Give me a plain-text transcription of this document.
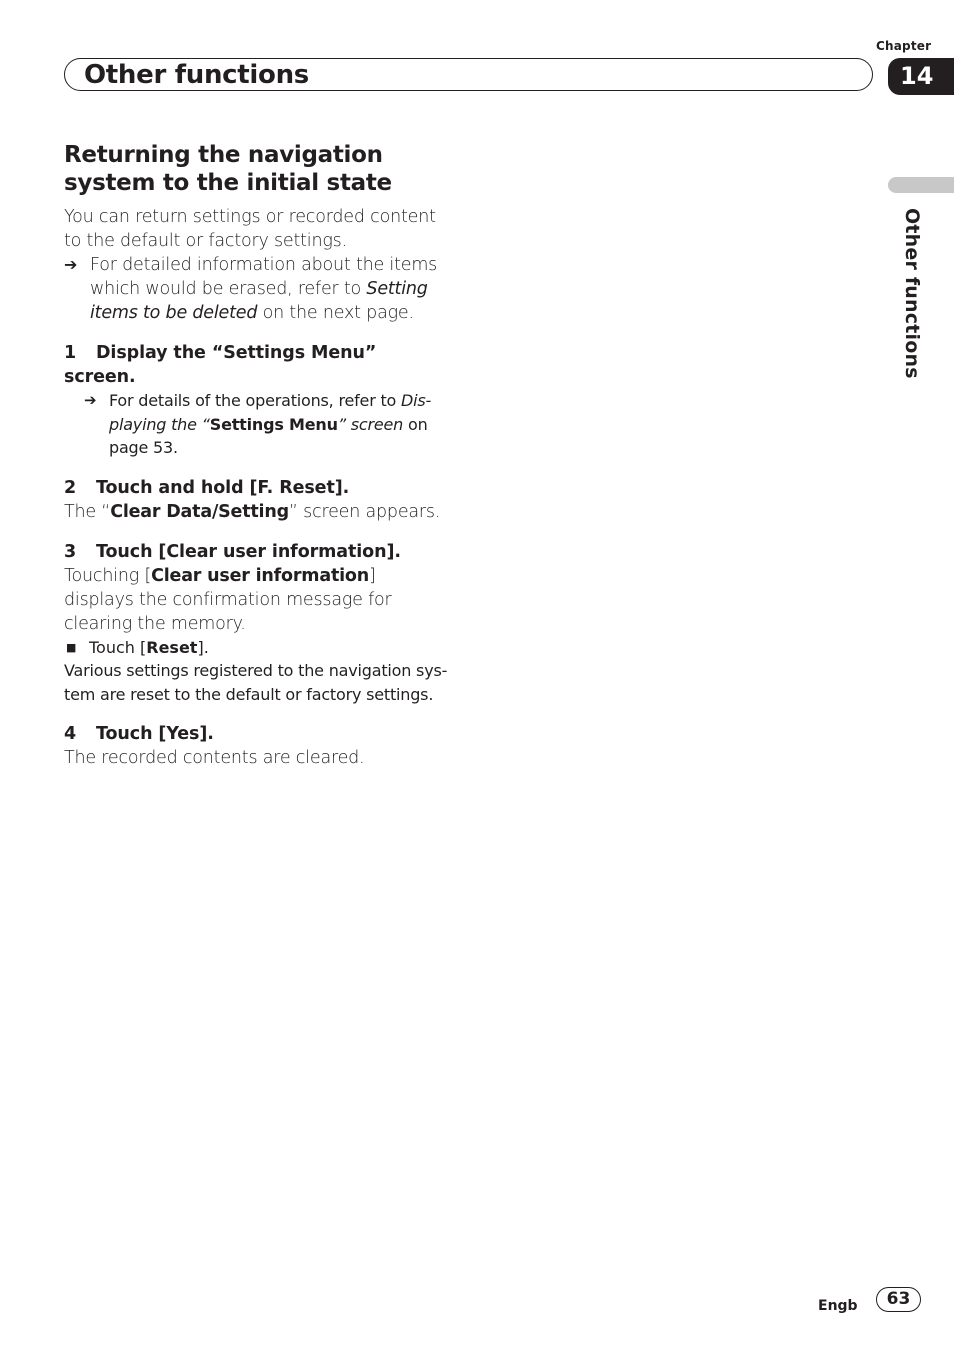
Chapter
Other functions	14
Other functions
Returning the navigation
system to the initial state

You can return settings or recorded content to the default or factory settings.

➔ For detailed information about the items which would be erased, refer to Setting items to be deleted on the next page.

1 Display the “Settings Menu” screen.

➔ For details of the operations, refer to Dis-playing the “Settings Menu” screen on page 53.

2 Touch and hold [F. Reset].

The “Clear Data/Setting” screen appears.

3 Touch [Clear user information].

Touching [Clear user information] displays the confirmation message for clearing the memory.

■ Touch [Reset].

Various settings registered to the navigation sys-tem are reset to the default or factory settings.

4 Touch [Yes].

The recorded contents are cleared.

Engb	63
